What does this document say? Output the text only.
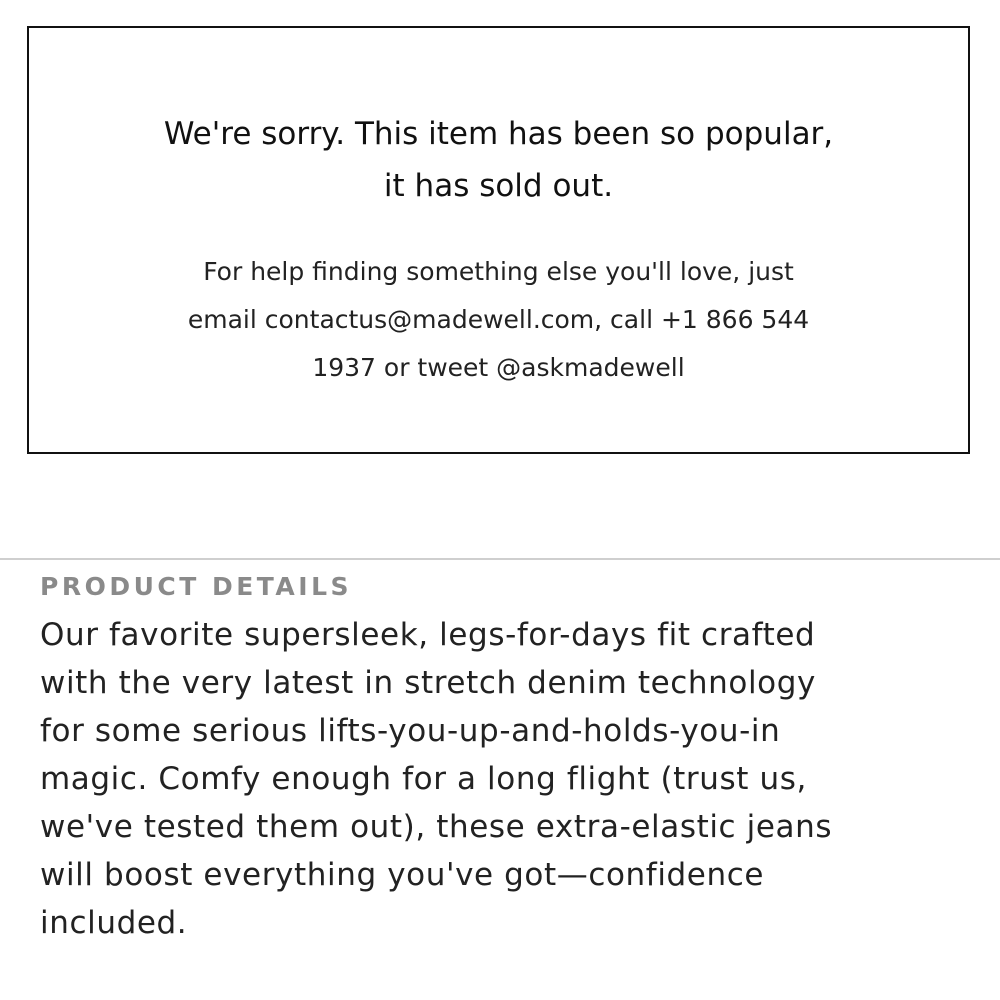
We're sorry. This item has been so popular,
it has sold out.
For help finding something else you'll love, just
email contactus@madewell.com, call +1 866 544
1937 or tweet @askmadewell
PRODUCT DETAILS
Our favorite supersleek, legs-for-days fit crafted
with the very latest in stretch denim technology
for some serious lifts-you-up-and-holds-you-in
magic. Comfy enough for a long flight (trust us,
we've tested them out), these extra-elastic jeans
will boost everything you've got—confidence
included.
